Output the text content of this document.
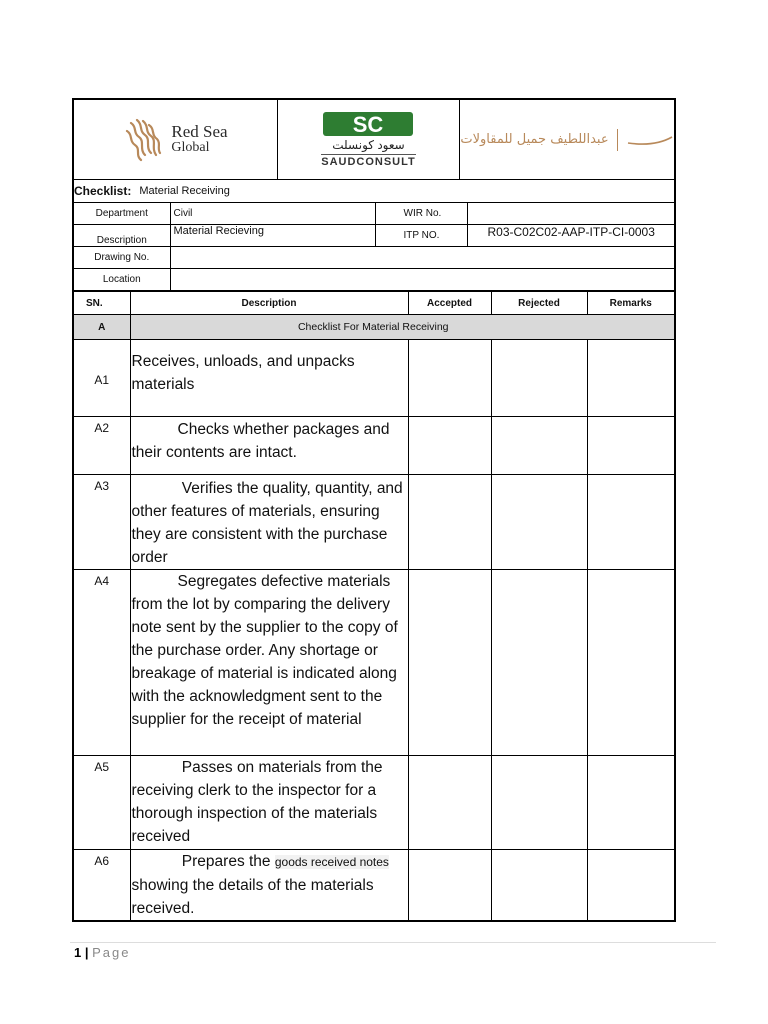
Red Sea
Global
SC
سعود كونسلت
SAUDCONSULT
عبداللطيف جميل للمقاولات
Checklist: Material Receiving
Department	Civil	WIR No.	
Description	Material Recieving	ITP NO.	R03-C02C02-AAP-ITP-CI-0003
Drawing No.			
Location			
SN.	Description	Accepted	Rejected	Remarks
A	Checklist For Material Receiving			
A1	Receives, unloads, and unpacks materials			
A2	Checks whether packages and their contents are intact.			
A3	Verifies the quality, quantity, and other features of materials, ensuring they are consistent with the purchase order			
A4	Segregates defective materials from the lot by comparing the delivery note sent by the supplier to the copy of the purchase order. Any shortage or breakage of material is indicated along with the acknowledgment sent to the supplier for the receipt of material			
A5	Passes on materials from the receiving clerk to the inspector for a thorough inspection of the materials received			
A6	Prepares the goods received notes showing the details of the materials received.			
1 | Page
